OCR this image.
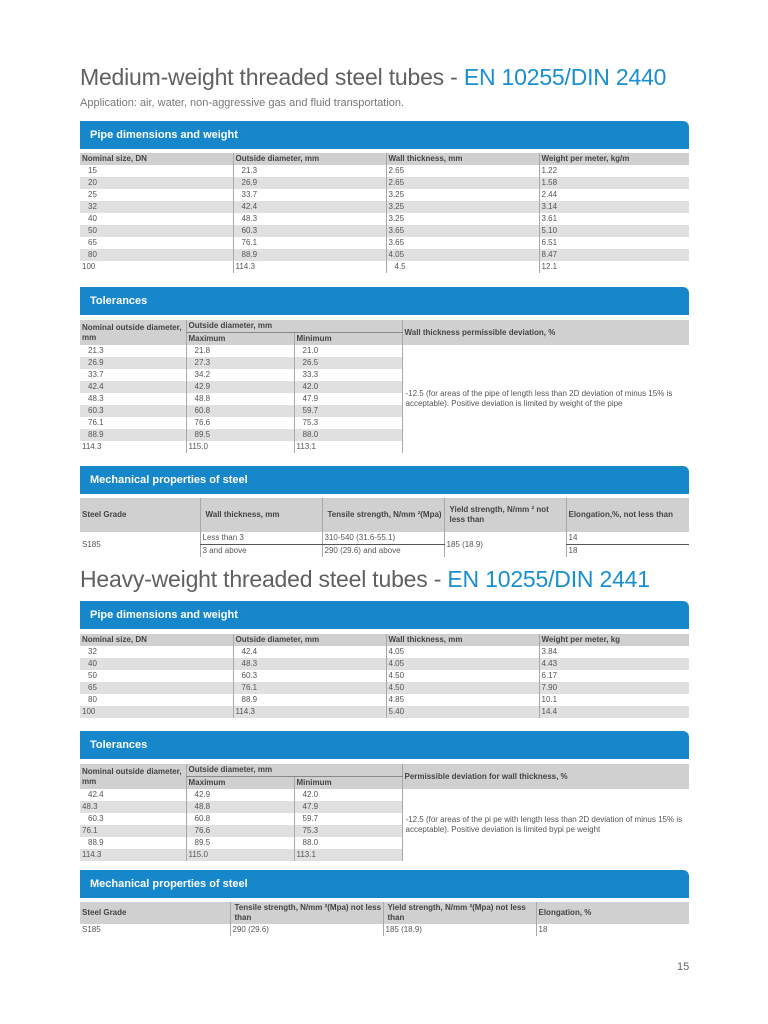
Medium-weight threaded steel tubes - EN 10255/DIN 2440
Application: air, water, non-aggressive gas and fluid transportation.
Pipe dimensions and weight
Nominal size, DN	Outside diameter, mm	Wall thickness, mm	Weight per meter, kg/m
15	21.3	2.65	1.22
20	26.9	2.65	1.58
25	33.7	3.25	2.44
32	42.4	3.25	3.14
40	48.3	3.25	3.61
50	60.3	3.65	5.10
65	76.1	3.65	6.51
80	88.9	4.05	8.47
100	114.3	4.5	12.1
Tolerances
Nominal outside diameter, mm	Outside diameter, mm		Wall thickness permissible deviation, %
	Maximum	Minimum	
21.3	21.8	21.0	-12.5 (for areas of the pipe of length less than 2D deviation of minus 15% is acceptable). Positive deviation is limited by weight of the pipe
26.9	27.3	26.5	
33.7	34.2	33.3	
42.4	42.9	42.0	
48.3	48.8	47.9	
60.3	60.8	59.7	
76.1	76.6	75.3	
88.9	89.5	88.0	
114.3	115.0	113.1	
Mechanical properties of steel
Steel Grade	Wall thickness, mm	Tensile strength, N/mm ²(Mpa)	Yield strength, N/mm ² not less than	Elongation,%, not less than
S185	Less than 3	310-540 (31.6-55.1)	185 (18.9)	14
	3 and above	290 (29.6) and above		18
Heavy-weight threaded steel tubes - EN 10255/DIN 2441
Pipe dimensions and weight
Nominal size, DN	Outside diameter, mm	Wall thickness, mm	Weight per meter, kg
32	42.4	4.05	3.84
40	48.3	4.05	4.43
50	60.3	4.50	6.17
65	76.1	4.50	7.90
80	88.9	4.85	10.1
100	114.3	5.40	14.4
Tolerances
Nominal outside diameter, mm	Outside diameter, mm		Permissible deviation for wall thickness, %
	Maximum	Minimum	
42.4	42.9	42.0	-12.5 (for areas of the pi pe with length less than 2D deviation of minus 15% is acceptable). Positive deviation is limited bypi pe weight
48.3	48.8	47.9	
60.3	60.8	59.7	
76.1	76.6	75.3	
88.9	89.5	88.0	
114.3	115.0	113.1	
Mechanical properties of steel
Steel Grade	Tensile strength, N/mm ²(Mpa) not less than	Yield strength, N/mm ²(Mpa) not less than	Elongation, %
S185	290 (29.6)	185 (18.9)	18
15
